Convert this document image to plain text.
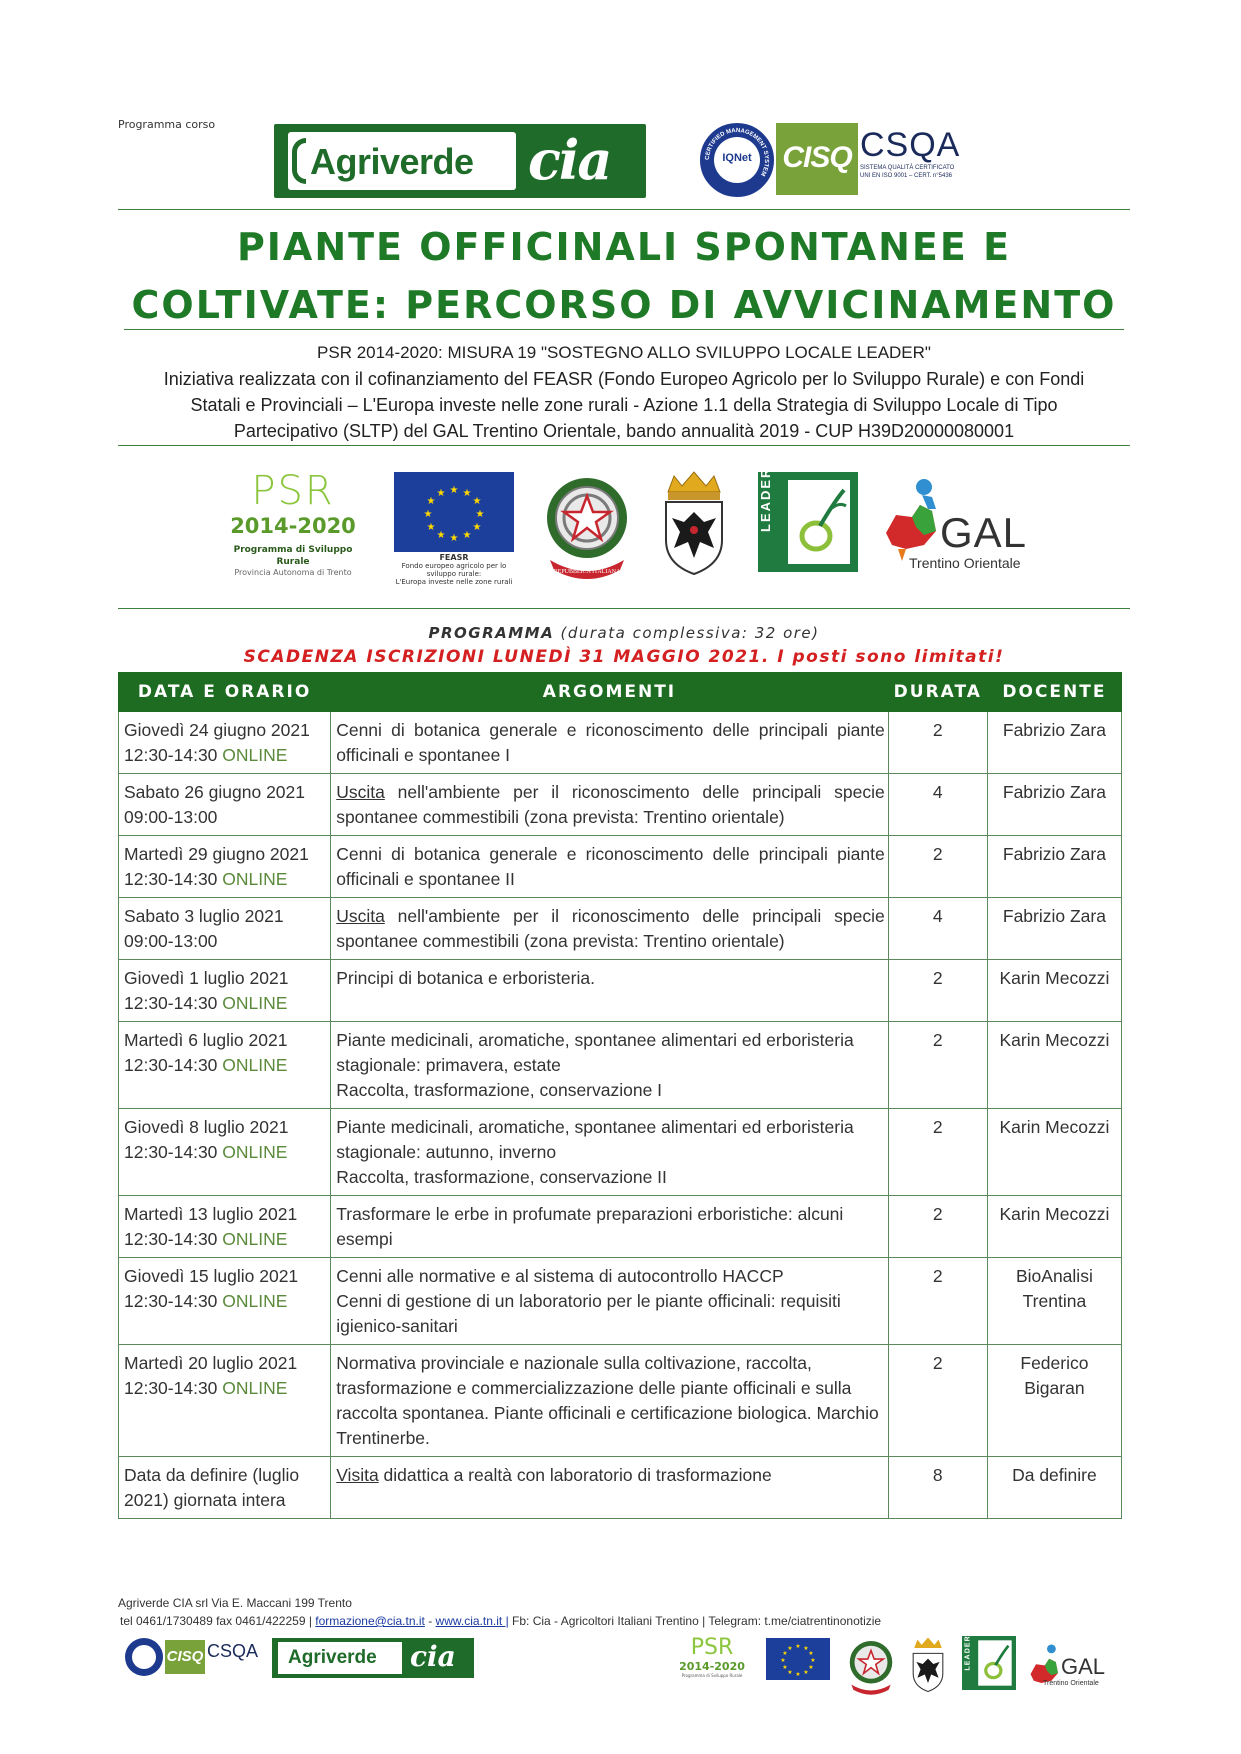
Programma corso
Agriverde cia	CERTIFIED MANAGEMENT SYSTEM
IQNet CISQ CSQA
SISTEMA QUALITÀ CERTIFICATO
UNI EN ISO 9001 – CERT. n°5436
PIANTE OFFICINALI SPONTANEE E
COLTIVATE: PERCORSO DI AVVICINAMENTO
PSR 2014-2020: MISURA 19 "SOSTEGNO ALLO SVILUPPO LOCALE LEADER"
Iniziativa realizzata con il cofinanziamento del FEASR (Fondo Europeo Agricolo per lo Sviluppo Rurale) e con Fondi Statali e Provinciali – L'Europa investe nelle zone rurali - Azione 1.1 della Strategia di Sviluppo Locale di Tipo Partecipativo (SLTP) del GAL Trentino Orientale, bando annualità 2019 - CUP H39D20000080001
PSR
2014-2020
Programma di Sviluppo Rurale
Provincia Autonoma di Trento
★ ★
★
★
★
★
★
★
★
★
★
★
FEASR
Fondo europeo agricolo per lo sviluppo rurale:
L'Europa investe nelle zone rurali
REPUBBLICA ITALIANA
LEADER
GAL
Trentino Orientale
PROGRAMMA (durata complessiva: 32 ore)
SCADENZA ISCRIZIONI LUNEDÌ 31 MAGGIO 2021. I posti sono limitati!
DATA E ORARIO	ARGOMENTI	DURATA	DOCENTE
Giovedì 24 giugno 2021
12:30-14:30 ONLINE	Cenni di botanica generale e riconoscimento delle principali piante officinali e spontanee I	2	Fabrizio Zara
Sabato 26 giugno 2021
09:00-13:00	Uscita nell'ambiente per il riconoscimento delle principali specie spontanee commestibili (zona prevista: Trentino orientale)	4	Fabrizio Zara
Martedì 29 giugno 2021
12:30-14:30 ONLINE	Cenni di botanica generale e riconoscimento delle principali piante officinali e spontanee II	2	Fabrizio Zara
Sabato 3 luglio 2021
09:00-13:00	Uscita nell'ambiente per il riconoscimento delle principali specie spontanee commestibili (zona prevista: Trentino orientale)	4	Fabrizio Zara
Giovedì 1 luglio 2021
12:30-14:30 ONLINE	Principi di botanica e erboristeria.	2	Karin Mecozzi
Martedì 6 luglio 2021
12:30-14:30 ONLINE	Piante medicinali, aromatiche, spontanee alimentari ed erboristeria stagionale: primavera, estate
Raccolta, trasformazione, conservazione I	2	Karin Mecozzi
Giovedì 8 luglio 2021
12:30-14:30 ONLINE	Piante medicinali, aromatiche, spontanee alimentari ed erboristeria stagionale: autunno, inverno
Raccolta, trasformazione, conservazione II	2	Karin Mecozzi
Martedì 13 luglio 2021
12:30-14:30 ONLINE	Trasformare le erbe in profumate preparazioni erboristiche: alcuni esempi	2	Karin Mecozzi
Giovedì 15 luglio 2021
12:30-14:30 ONLINE	Cenni alle normative e al sistema di autocontrollo HACCP
Cenni di gestione di un laboratorio per le piante officinali: requisiti igienico-sanitari	2	BioAnalisi Trentina
Martedì 20 luglio 2021
12:30-14:30 ONLINE	Normativa provinciale e nazionale sulla coltivazione, raccolta, trasformazione e commercializzazione delle piante officinali e sulla raccolta spontanea. Piante officinali e certificazione biologica. Marchio Trentinerbe.	2	Federico Bigaran
Data da definire (luglio 2021) giornata intera	Visita didattica a realtà con laboratorio di trasformazione	8	Da definire
Agriverde CIA srl Via E. Maccani 199 Trento
tel 0461/1730489 fax 0461/422259 | formazione@cia.tn.it - www.cia.tn.it | Fb: Cia - Agricoltori Italiani Trentino | Telegram: t.me/ciatrentinonotizie
CISQ CSQA Agriverde cia	PSR
2014-2020
Programma di Sviluppo Rurale
★ ★
★
★
★
★
★
★
★
★
★
★	LEADER	GAL
Trentino Orientale
